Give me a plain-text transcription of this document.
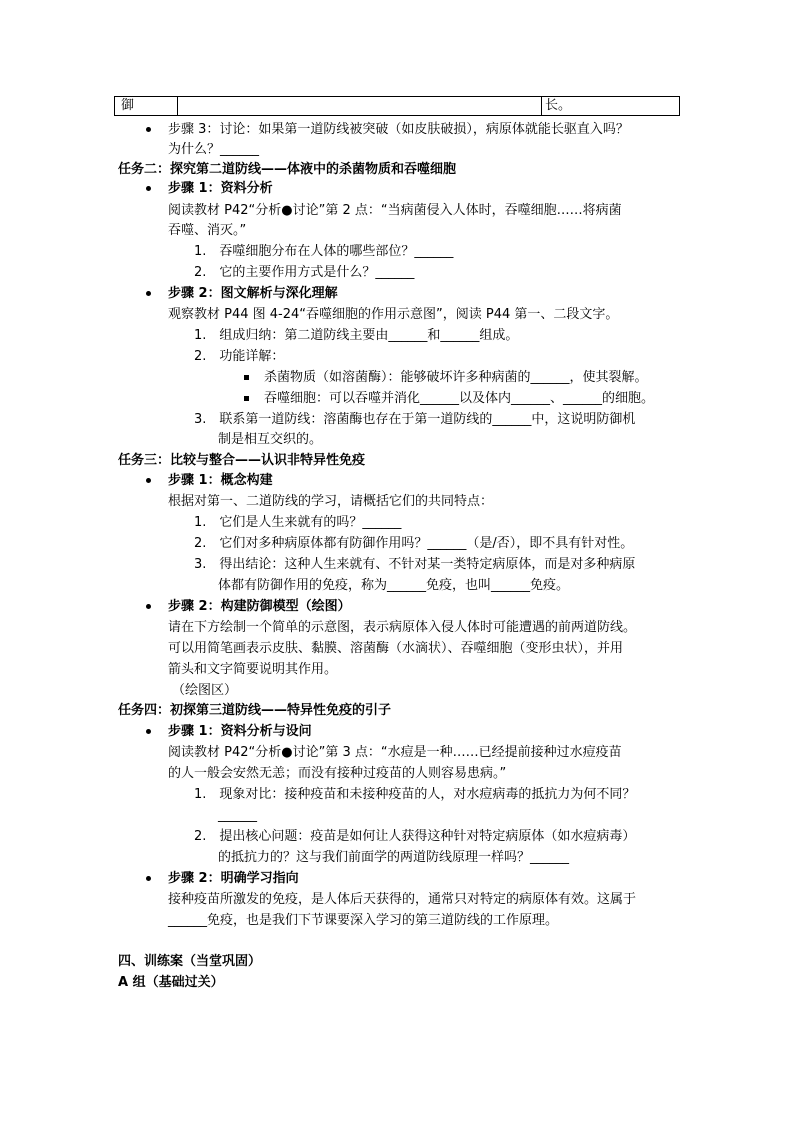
御	长。
步骤 3：讨论：如果第一道防线被突破（如皮肤破损），病原体就能长驱直入吗？
为什么？______
任务二：探究第二道防线——体液中的杀菌物质和吞噬细胞
步骤 1：资料分析
阅读教材 P42“分析●讨论”第 2 点：“当病菌侵入人体时，吞噬细胞……将病菌
吞噬、消灭。”
1.　吞噬细胞分布在人体的哪些部位？______
2.　它的主要作用方式是什么？______
步骤 2：图文解析与深化理解
观察教材 P44 图 4-24“吞噬细胞的作用示意图”，阅读 P44 第一、二段文字。
1.　组成归纳：第二道防线主要由______和______组成。
2.　功能详解：
杀菌物质（如溶菌酶）：能够破坏许多种病菌的______，使其裂解。
吞噬细胞：可以吞噬并消化______以及体内______、______的细胞。
3.　联系第一道防线：溶菌酶也存在于第一道防线的______中，这说明防御机
制是相互交织的。
任务三：比较与整合——认识非特异性免疫
步骤 1：概念构建
根据对第一、二道防线的学习，请概括它们的共同特点：
1.　它们是人生来就有的吗？______
2.　它们对多种病原体都有防御作用吗？______（是/否），即不具有针对性。
3.　得出结论：这种人生来就有、不针对某一类特定病原体，而是对多种病原
体都有防御作用的免疫，称为______免疫，也叫______免疫。
步骤 2：构建防御模型（绘图）
请在下方绘制一个简单的示意图，表示病原体入侵人体时可能遭遇的前两道防线。
可以用简笔画表示皮肤、黏膜、溶菌酶（水滴状）、吞噬细胞（变形虫状），并用
箭头和文字简要说明其作用。
（绘图区）
任务四：初探第三道防线——特异性免疫的引子
步骤 1：资料分析与设问
阅读教材 P42“分析●讨论”第 3 点：“水痘是一种……已经提前接种过水痘疫苗
的人一般会安然无恙；而没有接种过疫苗的人则容易患病。”
1.　现象对比：接种疫苗和未接种疫苗的人，对水痘病毒的抵抗力为何不同？
______
2.　提出核心问题：疫苗是如何让人获得这种针对特定病原体（如水痘病毒）
的抵抗力的？这与我们前面学的两道防线原理一样吗？______
步骤 2：明确学习指向
接种疫苗所激发的免疫，是人体后天获得的，通常只对特定的病原体有效。这属于
______免疫，也是我们下节课要深入学习的第三道防线的工作原理。
四、训练案（当堂巩固）
A 组（基础过关）
